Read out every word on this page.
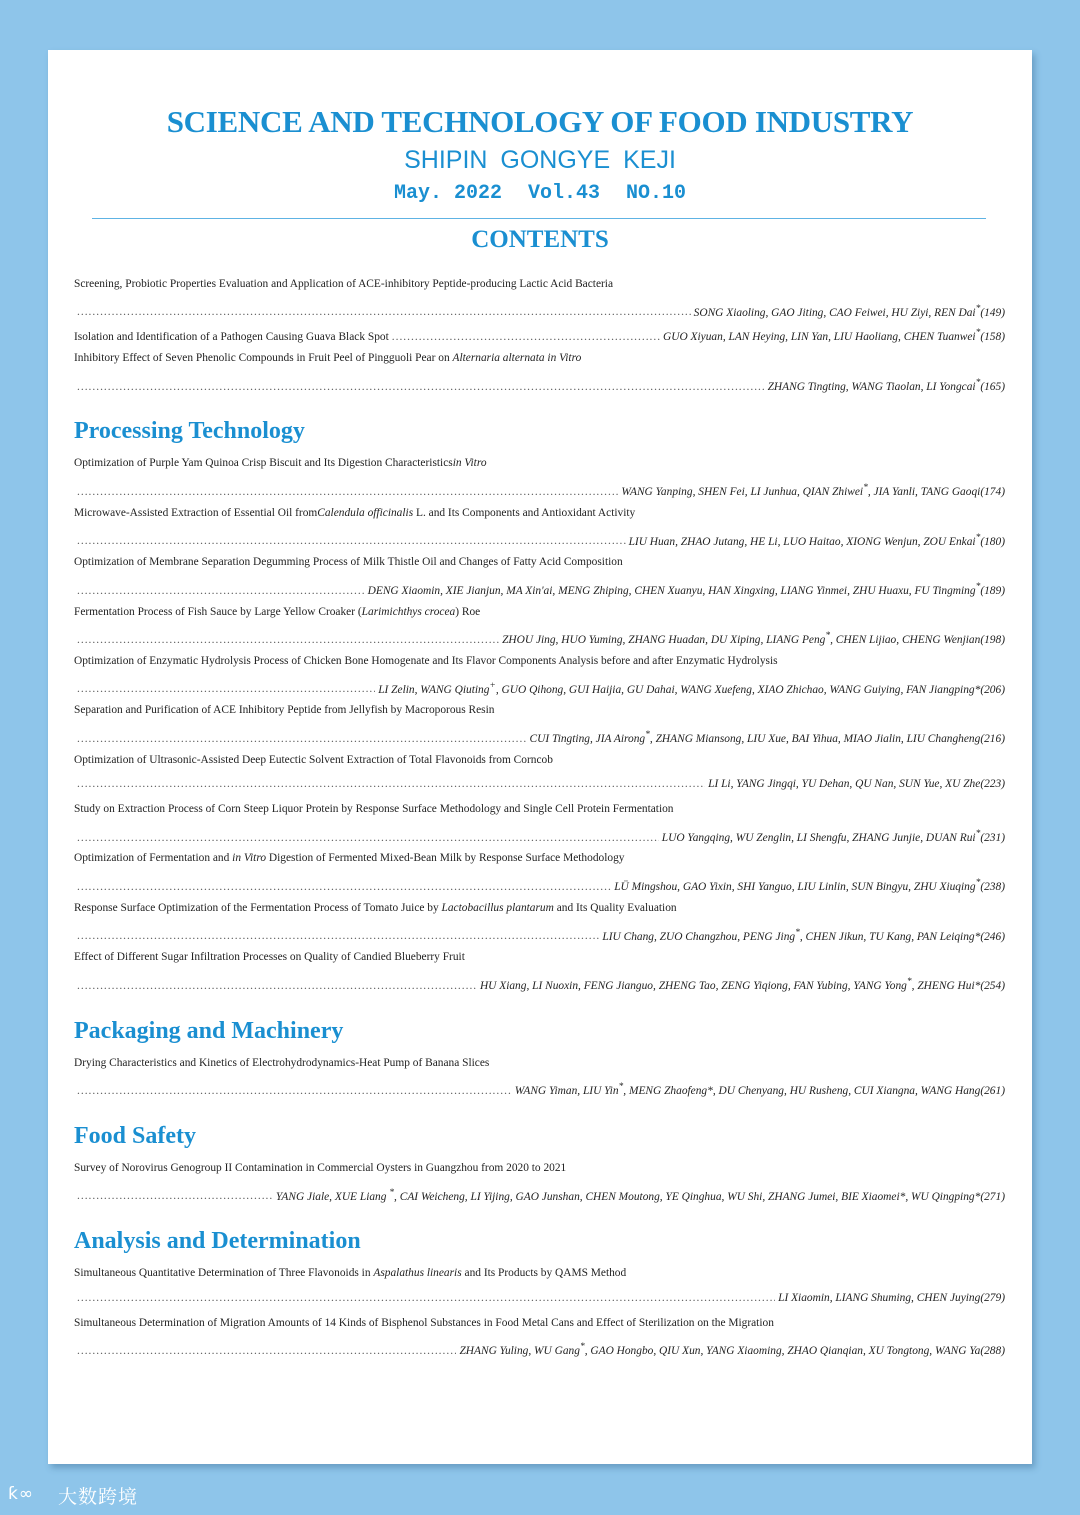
SCIENCE AND TECHNOLOGY OF FOOD INDUSTRY
SHIPIN GONGYE KEJI
May. 2022 Vol.43 NO.10
CONTENTS
Screening, Probiotic Properties Evaluation and Application of ACE-inhibitory Peptide-producing Lactic Acid Bacteria
.....
SONG Xiaoling, GAO Jiting, CAO Feiwei, HU Ziyi, REN Dai*(149)
Isolation and Identification of a Pathogen Causing Guava Black Spot
.....	GUO Xiyuan, LAN Heying, LIN Yan, LIU Haoliang, CHEN Tuanwei*(158)
Inhibitory Effect of Seven Phenolic Compounds in Fruit Peel of Pingguoli Pear on Alternaria alternata in Vitro
.....
ZHANG Tingting, WANG Tiaolan, LI Yongcai*(165)
Processing Technology
Optimization of Purple Yam Quinoa Crisp Biscuit and Its Digestion Characteristicsin Vitro
.....
WANG Yanping, SHEN Fei, LI Junhua, QIAN Zhiwei*, JIA Yanli, TANG Gaoqi(174)
Microwave-Assisted Extraction of Essential Oil fromCalendula officinalis L. and Its Components and Antioxidant Activity
.....
LIU Huan, ZHAO Jutang, HE Li, LUO Haitao, XIONG Wenjun, ZOU Enkai*(180)
Optimization of Membrane Separation Degumming Process of Milk Thistle Oil and Changes of Fatty Acid Composition
.....
DENG Xiaomin, XIE Jianjun, MA Xin'ai, MENG Zhiping, CHEN Xuanyu, HAN Xingxing, LIANG Yinmei, ZHU Huaxu, FU Tingming*(189)
Fermentation Process of Fish Sauce by Large Yellow Croaker (Larimichthys crocea) Roe
.....
ZHOU Jing, HUO Yuming, ZHANG Huadan, DU Xiping, LIANG Peng*, CHEN Lijiao, CHENG Wenjian(198)
Optimization of Enzymatic Hydrolysis Process of Chicken Bone Homogenate and Its Flavor Components Analysis before and after Enzymatic Hydrolysis
.....
LI Zelin, WANG Qiuting+, GUO Qihong, GUI Haijia, GU Dahai, WANG Xuefeng, XIAO Zhichao, WANG Guiying, FAN Jiangping*(206)
Separation and Purification of ACE Inhibitory Peptide from Jellyfish by Macroporous Resin
.....
CUI Tingting, JIA Airong*, ZHANG Miansong, LIU Xue, BAI Yihua, MIAO Jialin, LIU Changheng(216)
Optimization of Ultrasonic-Assisted Deep Eutectic Solvent Extraction of Total Flavonoids from Corncob
.....
LI Li, YANG Jingqi, YU Dehan, QU Nan, SUN Yue, XU Zhe(223)
Study on Extraction Process of Corn Steep Liquor Protein by Response Surface Methodology and Single Cell Protein Fermentation
.....
LUO Yangqing, WU Zenglin, LI Shengfu, ZHANG Junjie, DUAN Rui*(231)
Optimization of Fermentation and in Vitro Digestion of Fermented Mixed-Bean Milk by Response Surface Methodology
.....
LÜ Mingshou, GAO Yixin, SHI Yanguo, LIU Linlin, SUN Bingyu, ZHU Xiuqing*(238)
Response Surface Optimization of the Fermentation Process of Tomato Juice by Lactobacillus plantarum and Its Quality Evaluation
.....
LIU Chang, ZUO Changzhou, PENG Jing*, CHEN Jikun, TU Kang, PAN Leiqing*(246)
Effect of Different Sugar Infiltration Processes on Quality of Candied Blueberry Fruit
.....
HU Xiang, LI Nuoxin, FENG Jianguo, ZHENG Tao, ZENG Yiqiong, FAN Yubing, YANG Yong*, ZHENG Hui*(254)
Packaging and Machinery
Drying Characteristics and Kinetics of Electrohydrodynamics-Heat Pump of Banana Slices
.....
WANG Yiman, LIU Yin*, MENG Zhaofeng*, DU Chenyang, HU Rusheng, CUI Xiangna, WANG Hang(261)
Food Safety
Survey of Norovirus Genogroup II Contamination in Commercial Oysters in Guangzhou from 2020 to 2021
.....
YANG Jiale, XUE Liang *, CAI Weicheng, LI Yijing, GAO Junshan, CHEN Moutong, YE Qinghua, WU Shi, ZHANG Jumei, BIE Xiaomei*, WU Qingping*(271)
Analysis and Determination
Simultaneous Quantitative Determination of Three Flavonoids in Aspalathus linearis and Its Products by QAMS Method
.....
LI Xiaomin, LIANG Shuming, CHEN Juying(279)
Simultaneous Determination of Migration Amounts of 14 Kinds of Bisphenol Substances in Food Metal Cans and Effect of Sterilization on the Migration
.....
ZHANG Yuling, WU Gang*, GAO Hongbo, QIU Xun, YANG Xiaoming, ZHAO Qianqian, XU Tongtong, WANG Ya(288)
ƙ∞ 大数跨境
